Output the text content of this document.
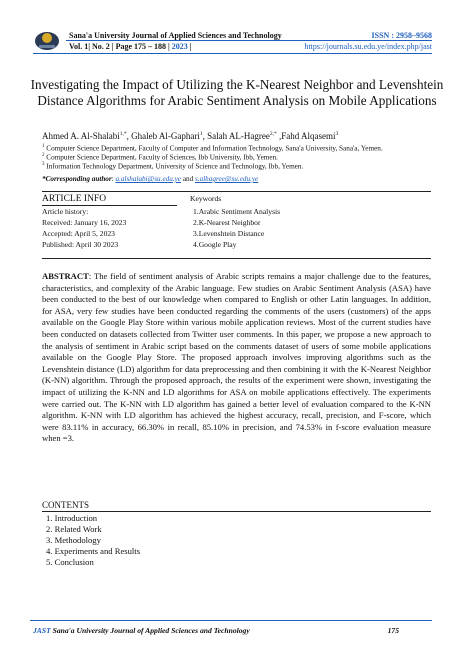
Sana'a University Journal of Applied Sciences and Technology
Vol. 1| No. 2 | Page 175 – 188 | 2023 |
ISSN : 2958–9568
https://journals.su.edu.ye/index.php/jast
Investigating the Impact of Utilizing the K-Nearest Neighbor and Levenshtein Distance Algorithms for Arabic Sentiment Analysis on Mobile Applications
Ahmed A. Al-Shalabi$^{1,*}$, Ghaleb Al-Gaphari$^1$, Salah AL-Hagree$^{2,*}$ ,Fahd Alqasemi$^3$
$^1$ Computer Science Department, Faculty of Computer and Information Technology, Sana'a University, Sana'a, Yemen.
$^2$ Computer Science Department, Faculty of Sciences, Ibb University, Ibb, Yemen.
$^3$ Information Technology Department, University of Science and Technology, Ibb, Yemen.
*Corresponding author: a.alshalabi@su.edu.ye and s.alhagree@su.edu.ye
ARTICLE INFO
Article history:
Received: January 16, 2023
Accepted: April 5, 2023
Published: April 30 2023
Keywords
1.Arabic Sentiment Analysis
2.K-Nearest Neighbor
3.Levenshtein Distance
4.Google Play
ABSTRACT: The field of sentiment analysis of Arabic scripts remains a major challenge due to the features, characteristics, and complexity of the Arabic language. Few studies on Arabic Sentiment Analysis (ASA) have been conducted to the best of our knowledge when compared to English or other Latin languages. In addition, for ASA, very few studies have been conducted regarding the comments of the users (customers) of the apps available on the Google Play Store within various mobile application reviews. Most of the current studies have been conducted on datasets collected from Twitter user comments. In this paper, we propose a new approach to the analysis of sentiment in Arabic script based on the comments dataset of users of some mobile applications available on the Google Play Store. The proposed approach involves improving algorithms such as the Levenshtein distance (LD) algorithm for data preprocessing and then combining it with the K-Nearest Neighbor (K-NN) algorithm. Through the proposed approach, the results of the experiment were shown, investigating the impact of utilizing the K-NN and LD algorithms for ASA on mobile applications effectively. The experiments were carried out. The K-NN with LD algorithm has gained a better level of evaluation compared to the K-NN algorithm. K-NN with LD algorithm has achieved the highest accuracy, recall, precision, and F-score, which were 83.11% in accuracy, 66.30% in recall, 85.10% in precision, and 74.53% in f-score evaluation measure when =3.
CONTENTS
1. Introduction
2. Related Work
3. Methodology
4. Experiments and Results
5. Conclusion
JAST Sana'a University Journal of Applied Sciences and Technology	175
